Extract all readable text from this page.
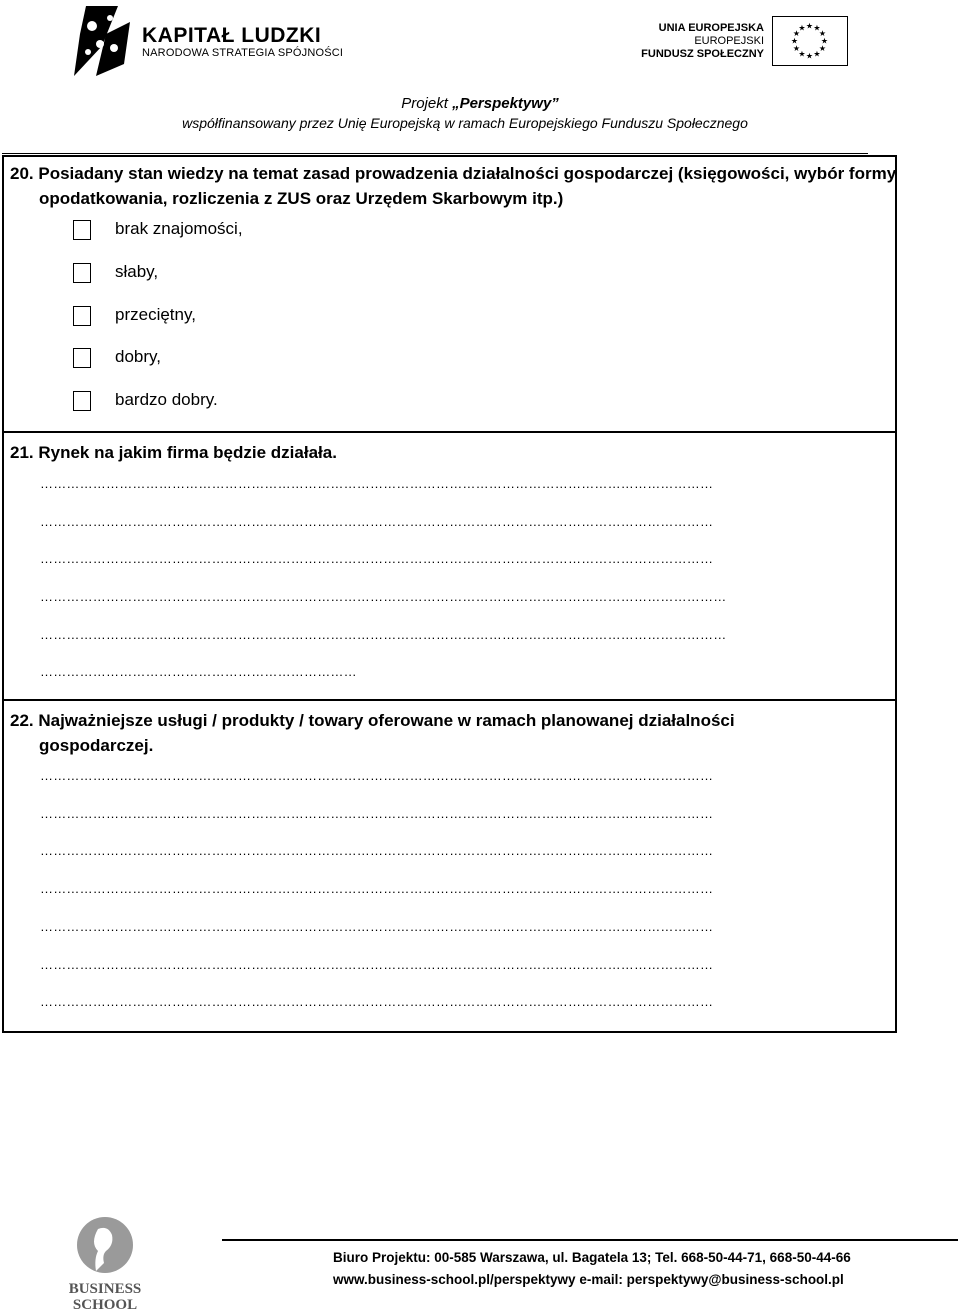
KAPITAŁ LUDZKI
NARODOWA STRATEGIA SPÓJNOŚCI
UNIA EUROPEJSKA
EUROPEJSKI
FUNDUSZ SPOŁECZNY
★ ★
★
★
★
★
★
★
★
★
★
★
Projekt „Perspektywy”
współfinansowany przez Unię Europejską w ramach Europejskiego Funduszu Społecznego
20. Posiadany stan wiedzy na temat zasad prowadzenia działalności gospodarczej (księgowości, wybór formy opodatkowania, rozliczenia z ZUS oraz Urzędem Skarbowym itp.)
brak znajomości,
słaby,
przeciętny,
dobry,
bardzo dobry.
21. Rynek na jakim firma będzie działała.
………………………………………………………………………………………………………………………………………
………………………………………………………………………………………………………………………………………
………………………………………………………………………………………………………………………………………
…………………………………………………………………………………………………………………………………………
…………………………………………………………………………………………………………………………………………
………………………………………………………………
22. Najważniejsze usługi / produkty / towary oferowane w ramach planowanej działalności gospodarczej.
………………………………………………………………………………………………………………………………………
………………………………………………………………………………………………………………………………………
………………………………………………………………………………………………………………………………………
………………………………………………………………………………………………………………………………………
………………………………………………………………………………………………………………………………………
………………………………………………………………………………………………………………………………………
………………………………………………………………………………………………………………………………………
BUSINESS
SCHOOL
Biuro Projektu: 00-585 Warszawa, ul. Bagatela 13; Tel. 668-50-44-71, 668-50-44-66
www.business-school.pl/perspektywy e-mail: perspektywy@business-school.pl
